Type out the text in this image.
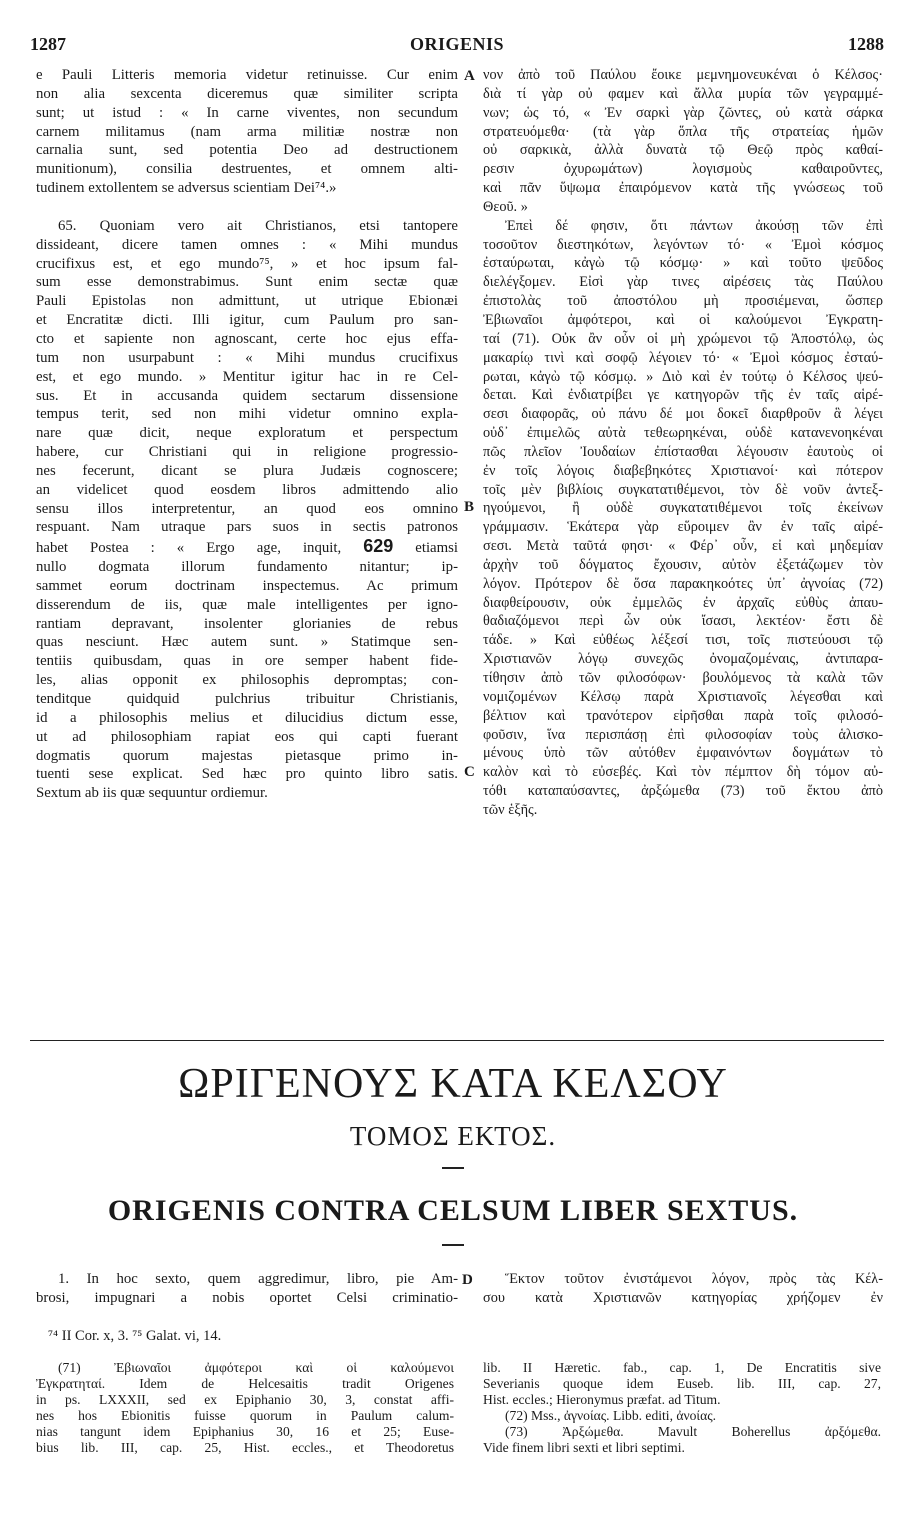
1287	ORIGENIS	1288

e Pauli Litteris memoria videtur retinuisse. Cur enim

non alia sexcenta diceremus quæ similiter scripta

sunt; ut istud : « In carne viventes, non secundum

carnem militamus (nam arma militiæ nostræ non

carnalia sunt, sed potentia Deo ad destructionem

munitionum), consilia destruentes, et omnem alti-

tudinem extollentem se adversus scientiam Dei⁷⁴.»

65. Quoniam vero ait Christianos, etsi tantopere

dissideant, dicere tamen omnes : « Mihi mundus

crucifixus est, et ego mundo⁷⁵, » et hoc ipsum fal-

sum esse demonstrabimus. Sunt enim sectæ quæ

Pauli Epistolas non admittunt, ut utrique Ebionæi

et Encratitæ dicti. Illi igitur, cum Paulum pro san-

cto et sapiente non agnoscant, certe hoc ejus effa-

tum non usurpabunt : « Mihi mundus crucifixus

est, et ego mundo. » Mentitur igitur hac in re Cel-

sus. Et in accusanda quidem sectarum dissensione

tempus terit, sed non mihi videtur omnino expla-

nare quæ dicit, neque exploratum et perspectum

habere, cur Christiani qui in religione progressio-

nes fecerunt, dicant se plura Judæis cognoscere;

an videlicet quod eosdem libros admittendo alio

sensu illos interpretentur, an quod eos omnino

respuant. Nam utraque pars suos in sectis patronos

habet Postea : « Ergo age, inquit, 629 etiamsi

nullo dogmata illorum fundamento nitantur; ip-

sammet eorum doctrinam inspectemus. Ac primum

disserendum de iis, quæ male intelligentes per igno-

rantiam depravant, insolenter glorianies de rebus

quas nesciunt. Hæc autem sunt. » Statimque sen-

tentiis quibusdam, quas in ore semper habent fide-

les, alias opponit ex philosophis depromptas; con-

tenditque quidquid pulchrius tribuitur Christianis,

id a philosophis melius et dilucidius dictum esse,

ut ad philosophiam rapiat eos qui capti fuerant

dogmatis quorum majestas pietasque primo in-

tuenti sese explicat. Sed hæc pro quinto libro satis.

Sextum ab iis quæ sequuntur ordiemur.

A
B
C

νον ἀπὸ τοῦ Παύλου ἔοικε μεμνημονευκέναι ὁ Κέλσος·

διὰ τί γὰρ οὐ φαμεν καὶ ἄλλα μυρία τῶν γεγραμμέ-

νων; ὡς τό, « Ἐν σαρκὶ γὰρ ζῶντες, οὐ κατὰ σάρκα

στρατευόμεθα· (τὰ γὰρ ὅπλα τῆς στρατείας ἡμῶν

οὐ σαρκικὰ, ἀλλὰ δυνατὰ τῷ Θεῷ πρὸς καθαί-

ρεσιν ὀχυρωμάτων) λογισμοὺς καθαιροῦντες,

καὶ πᾶν ὕψωμα ἐπαιρόμενον κατὰ τῆς γνώσεως τοῦ

Θεοῦ. »

Ἐπεὶ δέ φησιν, ὅτι πάντων ἀκούσῃ τῶν ἐπὶ

τοσοῦτον διεστηκότων, λεγόντων τό· « Ἐμοὶ κόσμος

ἐσταύρωται, κἀγὼ τῷ κόσμῳ· » καὶ τοῦτο ψεῦδος

διελέγξομεν. Εἰσὶ γὰρ τινες αἱρέσεις τὰς Παύλου

ἐπιστολὰς τοῦ ἀποστόλου μὴ προσιέμεναι, ὥσπερ

Ἐβιωναῖοι ἀμφότεροι, καὶ οἱ καλούμενοι Ἐγκρατη-

ταί (71). Οὐκ ἂν οὖν οἱ μὴ χρώμενοι τῷ Ἀποστόλῳ, ὡς

μακαρίῳ τινὶ καὶ σοφῷ λέγοιεν τό· « Ἐμοὶ κόσμος ἐσταύ-

ρωται, κἀγὼ τῷ κόσμῳ. » Διὸ καὶ ἐν τούτῳ ὁ Κέλσος ψεύ-

δεται. Καὶ ἐνδιατρίβει γε κατηγορῶν τῆς ἐν ταῖς αἱρέ-

σεσι διαφορᾶς, οὐ πάνυ δέ μοι δοκεῖ διαρθροῦν ἃ λέγει

οὐδ᾽ ἐπιμελῶς αὐτὰ τεθεωρηκέναι, οὐδὲ κατανενοηκέναι

πῶς πλεῖον Ἰουδαίων ἐπίστασθαι λέγουσιν ἑαυτοὺς οἱ

ἐν τοῖς λόγοις διαβεβηκότες Χριστιανοί· καὶ πότερον

τοῖς μὲν βιβλίοις συγκατατιθέμενοι, τὸν δὲ νοῦν ἀντεξ-

ηγούμενοι, ἢ οὐδὲ συγκατατιθέμενοι τοῖς ἐκείνων

γράμμασιν. Ἑκάτερα γὰρ εὕροιμεν ἂν ἐν ταῖς αἱρέ-

σεσι. Μετὰ ταῦτά φησι· « Φέρ᾽ οὖν, εἰ καὶ μηδεμίαν

ἀρχὴν τοῦ δόγματος ἔχουσιν, αὐτὸν ἐξετάζωμεν τὸν

λόγον. Πρότερον δὲ ὅσα παρακηκοότες ὑπ᾽ ἀγνοίας (72)

διαφθείρουσιν, οὐκ ἐμμελῶς ἐν ἀρχαῖς εὐθὺς ἀπαυ-

θαδιαζόμενοι περὶ ὧν οὐκ ἴσασι, λεκτέον· ἔστι δὲ

τάδε. » Καὶ εὐθέως λέξεσί τισι, τοῖς πιστεύουσι τῷ

Χριστιανῶν λόγῳ συνεχῶς ὀνομαζομέναις, ἀντιπαρα-

τίθησιν ἀπὸ τῶν φιλοσόφων· βουλόμενος τὰ καλὰ τῶν

νομιζομένων Κέλσῳ παρὰ Χριστιανοῖς λέγεσθαι καὶ

βέλτιον καὶ τρανότερον εἰρῆσθαι παρὰ τοῖς φιλοσό-

φοῦσιν, ἵνα περισπάσῃ ἐπὶ φιλοσοφίαν τοὺς ἁλισκο-

μένους ὑπὸ τῶν αὐτόθεν ἐμφαινόντων δογμάτων τὸ

καλὸν καὶ τὸ εὐσεβές. Καὶ τὸν πέμπτον δὴ τόμον αὐ-

τόθι καταπαύσαντες, ἀρξώμεθα (73) τοῦ ἕκτου ἀπὸ

τῶν ἑξῆς.

ΩΡΙΓΕΝΟΥΣ ΚΑΤΑ ΚΕΛΣΟΥ
ΤΟΜΟΣ ΕΚΤΟΣ.
ORIGENIS CONTRA CELSUM LIBER SEXTUS.

1. In hoc sexto, quem aggredimur, libro, pie Am-

brosi, impugnari a nobis oportet Celsi criminatio-

D	Ἕκτον τοῦτον ἐνιστάμενοι λόγον, πρὸς τὰς Κέλ-

σου κατὰ Χριστιανῶν κατηγορίας χρήζομεν ἐν

⁷⁴ II Cor. x, 3. ⁷⁵ Galat. vi, 14.

(71) Ἐβιωναῖοι ἀμφότεροι καὶ οἱ καλούμενοι

Ἐγκρατηταί. Idem de Helcesaitis tradit Origenes

in ps. LXXXII, sed ex Epiphanio 30, 3, constat affi-

nes hos Ebionitis fuisse quorum in Paulum calum-

nias tangunt idem Epiphanius 30, 16 et 25; Euse-

bius lib. III, cap. 25, Hist. eccles., et Theodoretus

lib. II Hæretic. fab., cap. 1, De Encratitis sive

Severianis quoque idem Euseb. lib. III, cap. 27,

Hist. eccles.; Hieronymus præfat. ad Titum.

(72) Mss., ἀγνοίας. Libb. editi, ἀνοίας.

(73) Ἀρξώμεθα. Mavult Boherellus ἀρξόμεθα.

Vide finem libri sexti et libri septimi.
